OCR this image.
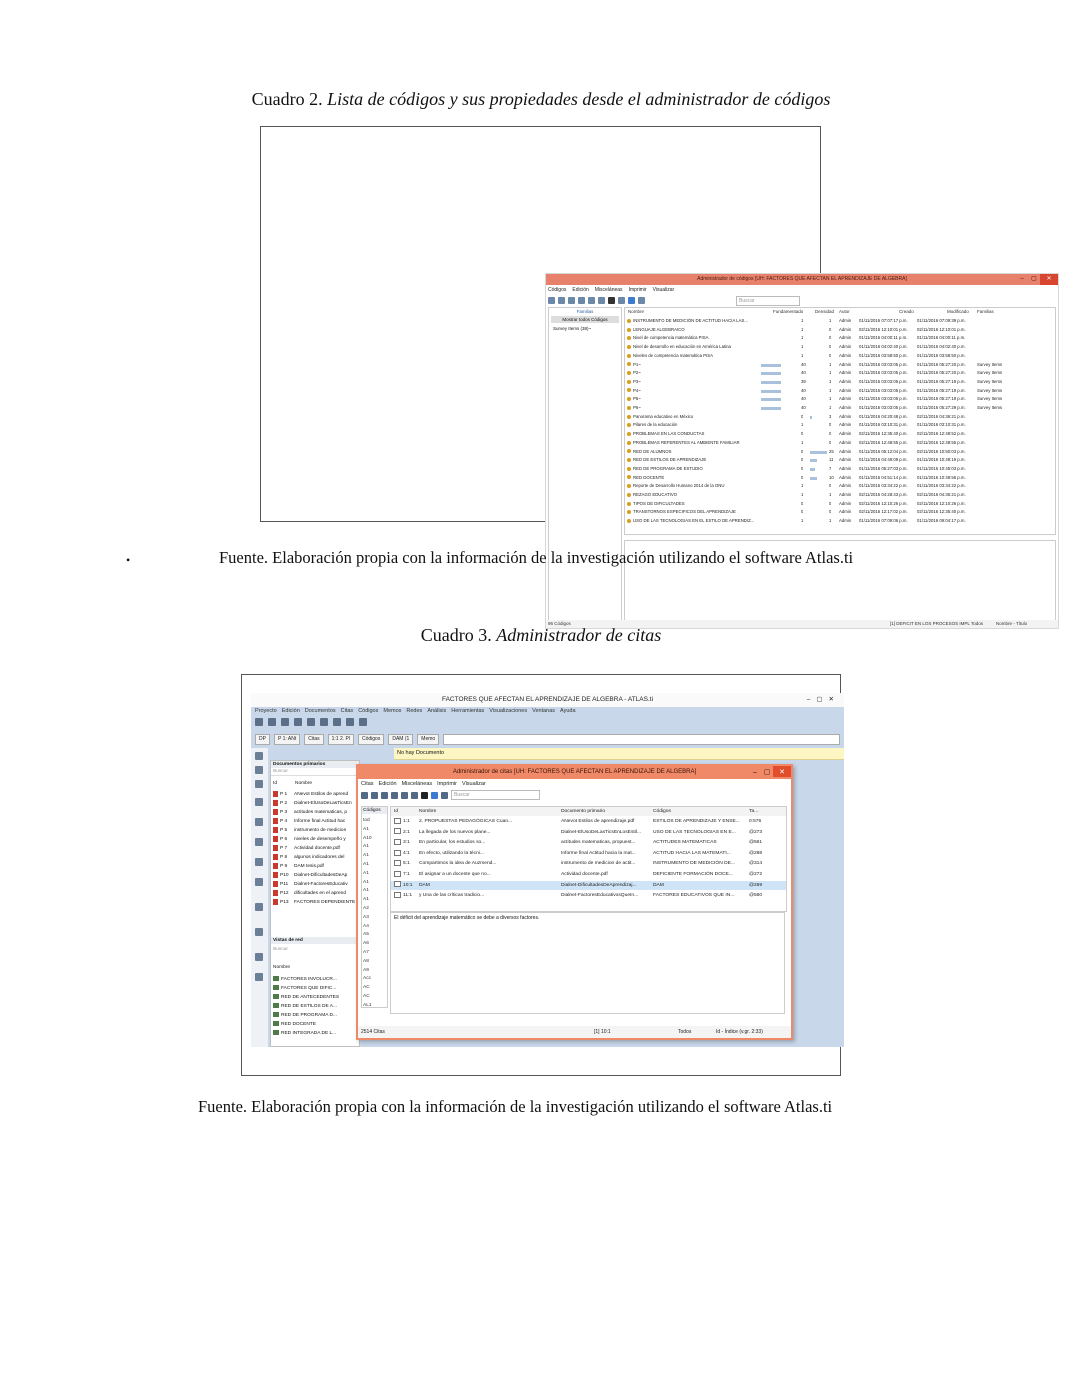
Cuadro 2. Lista de códigos y sus propiedades desde el administrador de códigos
Administrador de códigos [UH: FACTORES QUE AFECTAN EL APRENDIZAJE DE ALGEBRA]	–	▢	✕
Códigos Edición Misceláneas Imprimir Visualizar
Buscar
Familias
Mostrar todos Códigos
Survey Items (38)~
Nombre	Fundamentado	Densidad Autor	Creado	Modificado Familias
INSTRUMENTO DE MEDICIÓN DE ACTITUD HACIA LAS...	1	1 Admin 01/11/2016 07:07:17 p.m. 01/11/2016 07:09:39 p.m.
LENGUAJE ALGEBRAICO	1	0 Admin 02/11/2016 12:10:01 p.m. 02/11/2016 12:10:01 p.m.
Nivel de competencia matemática PISA	1	0 Admin 01/11/2016 04:00:11 p.m. 01/11/2016 04:00:11 p.m.
Nivel de desarrollo en educación en América Latina	1	0 Admin 01/11/2016 04:02:40 p.m. 01/11/2016 04:02:40 p.m.
Niveles de competencia matemática PISA	1	0 Admin 01/11/2016 03:58:50 p.m. 01/11/2016 03:58:50 p.m.
P1~	40	1 Admin 01/11/2016 03:03:05 p.m. 01/11/2016 05:27:20 p.m.	Survey Items
P2~	40	1 Admin 01/11/2016 03:03:05 p.m. 01/11/2016 05:27:20 p.m.	Survey Items
P3~	39	1 Admin 01/11/2016 03:03:05 p.m. 01/11/2016 05:27:19 p.m.	Survey Items
P4~	40	1 Admin 01/11/2016 03:03:05 p.m. 01/11/2016 05:27:19 p.m.	Survey Items
P5~	40	1 Admin 01/11/2016 03:03:05 p.m. 01/11/2016 05:27:19 p.m.	Survey Items
P6~	40	1 Admin 01/11/2016 03:03:05 p.m. 01/11/2016 05:27:29 p.m.	Survey Items
Panorama educativo en México	0	3 Admin 01/11/2016 04:20:48 p.m. 02/11/2016 04:36:21 p.m.
Pilares de la educación	1	0 Admin 01/11/2016 03:10:31 p.m. 01/11/2016 03:10:31 p.m.
PROBLEMAS EN LAS CONDUCTAS	0	0 Admin 02/11/2016 12:35:40 p.m. 02/11/2016 12:48:52 p.m.
PROBLEMAS REFERENTES AL AMBIENTE FAMILIAR	1	0 Admin 02/11/2016 12:48:55 p.m. 02/11/2016 12:48:55 p.m.
RED DE ALUMNOS	0	25 Admin 01/11/2016 05:12:04 p.m. 02/11/2016 10:50:03 p.m.
RED DE ESTILOS DE APRENDIZAJE	0	11 Admin 01/11/2016 04:49:09 p.m. 01/11/2016 10:49:19 p.m.
RED DE PROGRAMA DE ESTUDIO	0	7 Admin 01/11/2016 05:27:03 p.m. 01/11/2016 10:45:03 p.m.
RED DOCENTE	0	10 Admin 01/11/2016 04:51:14 p.m. 01/11/2016 10:48:56 p.m.
Reporte de Desarrollo Humano 2014 de la ONU	1	0 Admin 01/11/2016 03:34:22 p.m. 01/11/2016 03:34:22 p.m.
REZAGO EDUCATIVO	1	1 Admin 02/11/2016 04:28:43 p.m. 02/11/2016 04:36:21 p.m.
TIPOS DE DIFICULTADES	0	0 Admin 02/11/2016 12:10:26 p.m. 02/11/2016 12:10:26 p.m.
TRANSTORNOS ESPECIFICOS DEL APRENDIZAJE	0	0 Admin 02/11/2016 12:17:02 p.m. 02/11/2016 12:35:40 p.m.
USO DE LAS TECNOLOGIAS EN EL ESTILO DE APRENDIZ...	1	1 Admin 01/11/2016 07:09:06 p.m. 01/11/2016 09:04:17 p.m.
96 Códigos	[1] DEFICIT EN LOS PROCESOS IMPL Todos	Nombre - Título
•	Fuente. Elaboración propia con la información de la investigación utilizando el software Atlas.ti
Cuadro 3. Administrador de citas
FACTORES QUE AFECTAN EL APRENDIZAJE DE ALGEBRA - ATLAS.ti	–▢✕
Proyecto Edición Documentos Citas Códigos Memos Redes Análisis Herramientas Visualizaciones Ventanas Ayuda
DP	P 1: ANt	Citas	1:1 2. Pl	Códigos	DAM (1	Memo
No hay Documento
Documentos primarios
Buscar
Id	Nombre
P 1 ANevot Estilos de aprend
P 2 Dialnet-ElUsoDeLasTicsEn
P 3 actitudes matematicas, p
P 4 Informe final Actitud hac
P 5 instrumento de medicion
P 6 niveles de desempeño y
P 7 Actividad docente.pdf
P 8 algunos indicadores del
P 9 DAM tesis.pdf
P10 Dialnet-DificultadesDeAp
P11 Dialnet-FactoresEducativ
P12 dificultades en el aprend
P13 FACTORES DEPENDIENTE
Vistas de red
Buscar
Nombre
FACTORES INVOLUCR...
FACTORES QUE DIFIC...
RED DE ANTECEDENTES
RED DE ESTILOS DE A...
RED DE PROGRAMA D...
RED DOCENTE
RED INTEGRADA DE L...
Administrador de citas [UH: FACTORES QUE AFECTAN EL APRENDIZAJE DE ALGEBRA]	– ▢	✕
Citas Edición Misceláneas Imprimir Visualizar
Buscar
Códigos
tod
A1
A10
A1
A1
A1
A1
A1
A1
A1
A2
A3
A4
A5
A6
A7
A8
A9
Acc
AC
AC
AL1
Id	Nombre	Documento primario	Códigos	Ta...
1:1 2. PROPUESTAS PEDAGÓGICAS Cuan...	ANevot Estilos de aprendizaje.pdf	ESTILOS DE APRENDIZAJE Y ENSE...	0:576
2:1 La llegada de los nuevos plane...	Dialnet-ElUsoDeLasTicsEnLosEstil...	USO DE LAS TECNOLOGIAS EN E...	@273
3:1 En particular, los estudios so...	actitudes matematicas, propuest...	ACTITUDES MATEMATICAS	@561
4:1 En efecto, utilizando la técni...	Informe final Actitud hacia la mat...	ACTITUD HACIA LAS MATEMATI...	@288
5:1 Compartimos la idea de Auzmend...	instrumento de medicion de actit...	INSTRUMENTO DE MEDICIÓN DE...	@314
7:1 El asignar a un docente que no...	Actividad docente.pdf	DEFICIENTE FORMACIÓN DOCE...	@272
10:1 DAM	Dialnet-DificultadesDeAprendizaj...	DAM	@269
11:1 y Una de las críticas tradicio...	Dialnet-FactoresEducativosQueIn...	FACTORES EDUCATIVOS QUE IN...	@560
El déficit del aprendizaje matemático se debe a diversos factores.
2514 Citas	[1] 10:1	Todos	Id - Índice (v.gr. 2:33)
Fuente. Elaboración propia con la información de la investigación utilizando el software Atlas.ti
